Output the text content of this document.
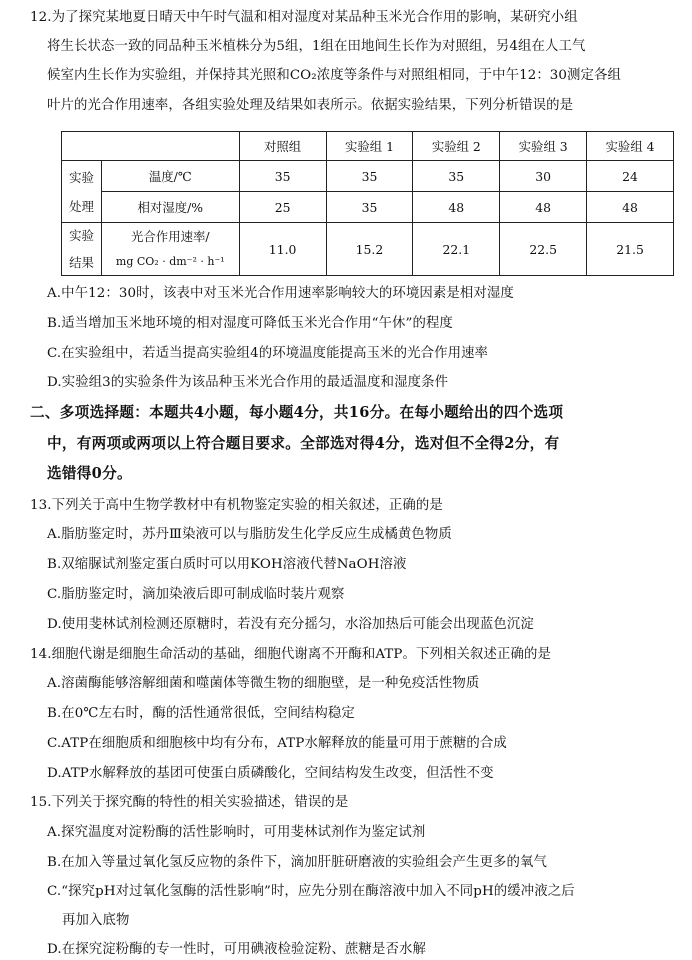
12.为了探究某地夏日晴天中午时气温和相对湿度对某品种玉米光合作用的影响，某研究小组
将生长状态一致的同品种玉米植株分为5组，1组在田地间生长作为对照组，另4组在人工气
候室内生长作为实验组，并保持其光照和CO₂浓度等条件与对照组相同，于中午12：30测定各组
叶片的光合作用速率，各组实验处理及结果如表所示。依据实验结果，下列分析错误的是
		对照组	实验组 1	实验组 2	实验组 3	实验组 4

实验
处理	温度/℃	35	35	35	30	24
	相对湿度/%	25	35	48	48	48

实验
结果	光合作用速率/
mg CO₂ · dm⁻² · h⁻¹	11.0	15.2	22.1	22.5	21.5
A.中午12：30时，该表中对玉米光合作用速率影响较大的环境因素是相对湿度
B.适当增加玉米地环境的相对湿度可降低玉米光合作用“午休”的程度
C.在实验组中，若适当提高实验组4的环境温度能提高玉米的光合作用速率
D.实验组3的实验条件为该品种玉米光合作用的最适温度和湿度条件
二、多项选择题：本题共4小题，每小题4分，共16分。在每小题给出的四个选项
中，有两项或两项以上符合题目要求。全部选对得4分，选对但不全得2分，有
选错得0分。
13.下列关于高中生物学教材中有机物鉴定实验的相关叙述，正确的是
A.脂肪鉴定时，苏丹Ⅲ染液可以与脂肪发生化学反应生成橘黄色物质
B.双缩脲试剂鉴定蛋白质时可以用KOH溶液代替NaOH溶液
C.脂肪鉴定时，滴加染液后即可制成临时装片观察
D.使用斐林试剂检测还原糖时，若没有充分摇匀，水浴加热后可能会出现蓝色沉淀
14.细胞代谢是细胞生命活动的基础，细胞代谢离不开酶和ATP。下列相关叙述正确的是
A.溶菌酶能够溶解细菌和噬菌体等微生物的细胞壁，是一种免疫活性物质
B.在0℃左右时，酶的活性通常很低，空间结构稳定
C.ATP在细胞质和细胞核中均有分布，ATP水解释放的能量可用于蔗糖的合成
D.ATP水解释放的基团可使蛋白质磷酸化，空间结构发生改变，但活性不变
15.下列关于探究酶的特性的相关实验描述，错误的是
A.探究温度对淀粉酶的活性影响时，可用斐林试剂作为鉴定试剂
B.在加入等量过氧化氢反应物的条件下，滴加肝脏研磨液的实验组会产生更多的氧气
C.“探究pH对过氧化氢酶的活性影响”时，应先分别在酶溶液中加入不同pH的缓冲液之后
再加入底物
D.在探究淀粉酶的专一性时，可用碘液检验淀粉、蔗糖是否水解
